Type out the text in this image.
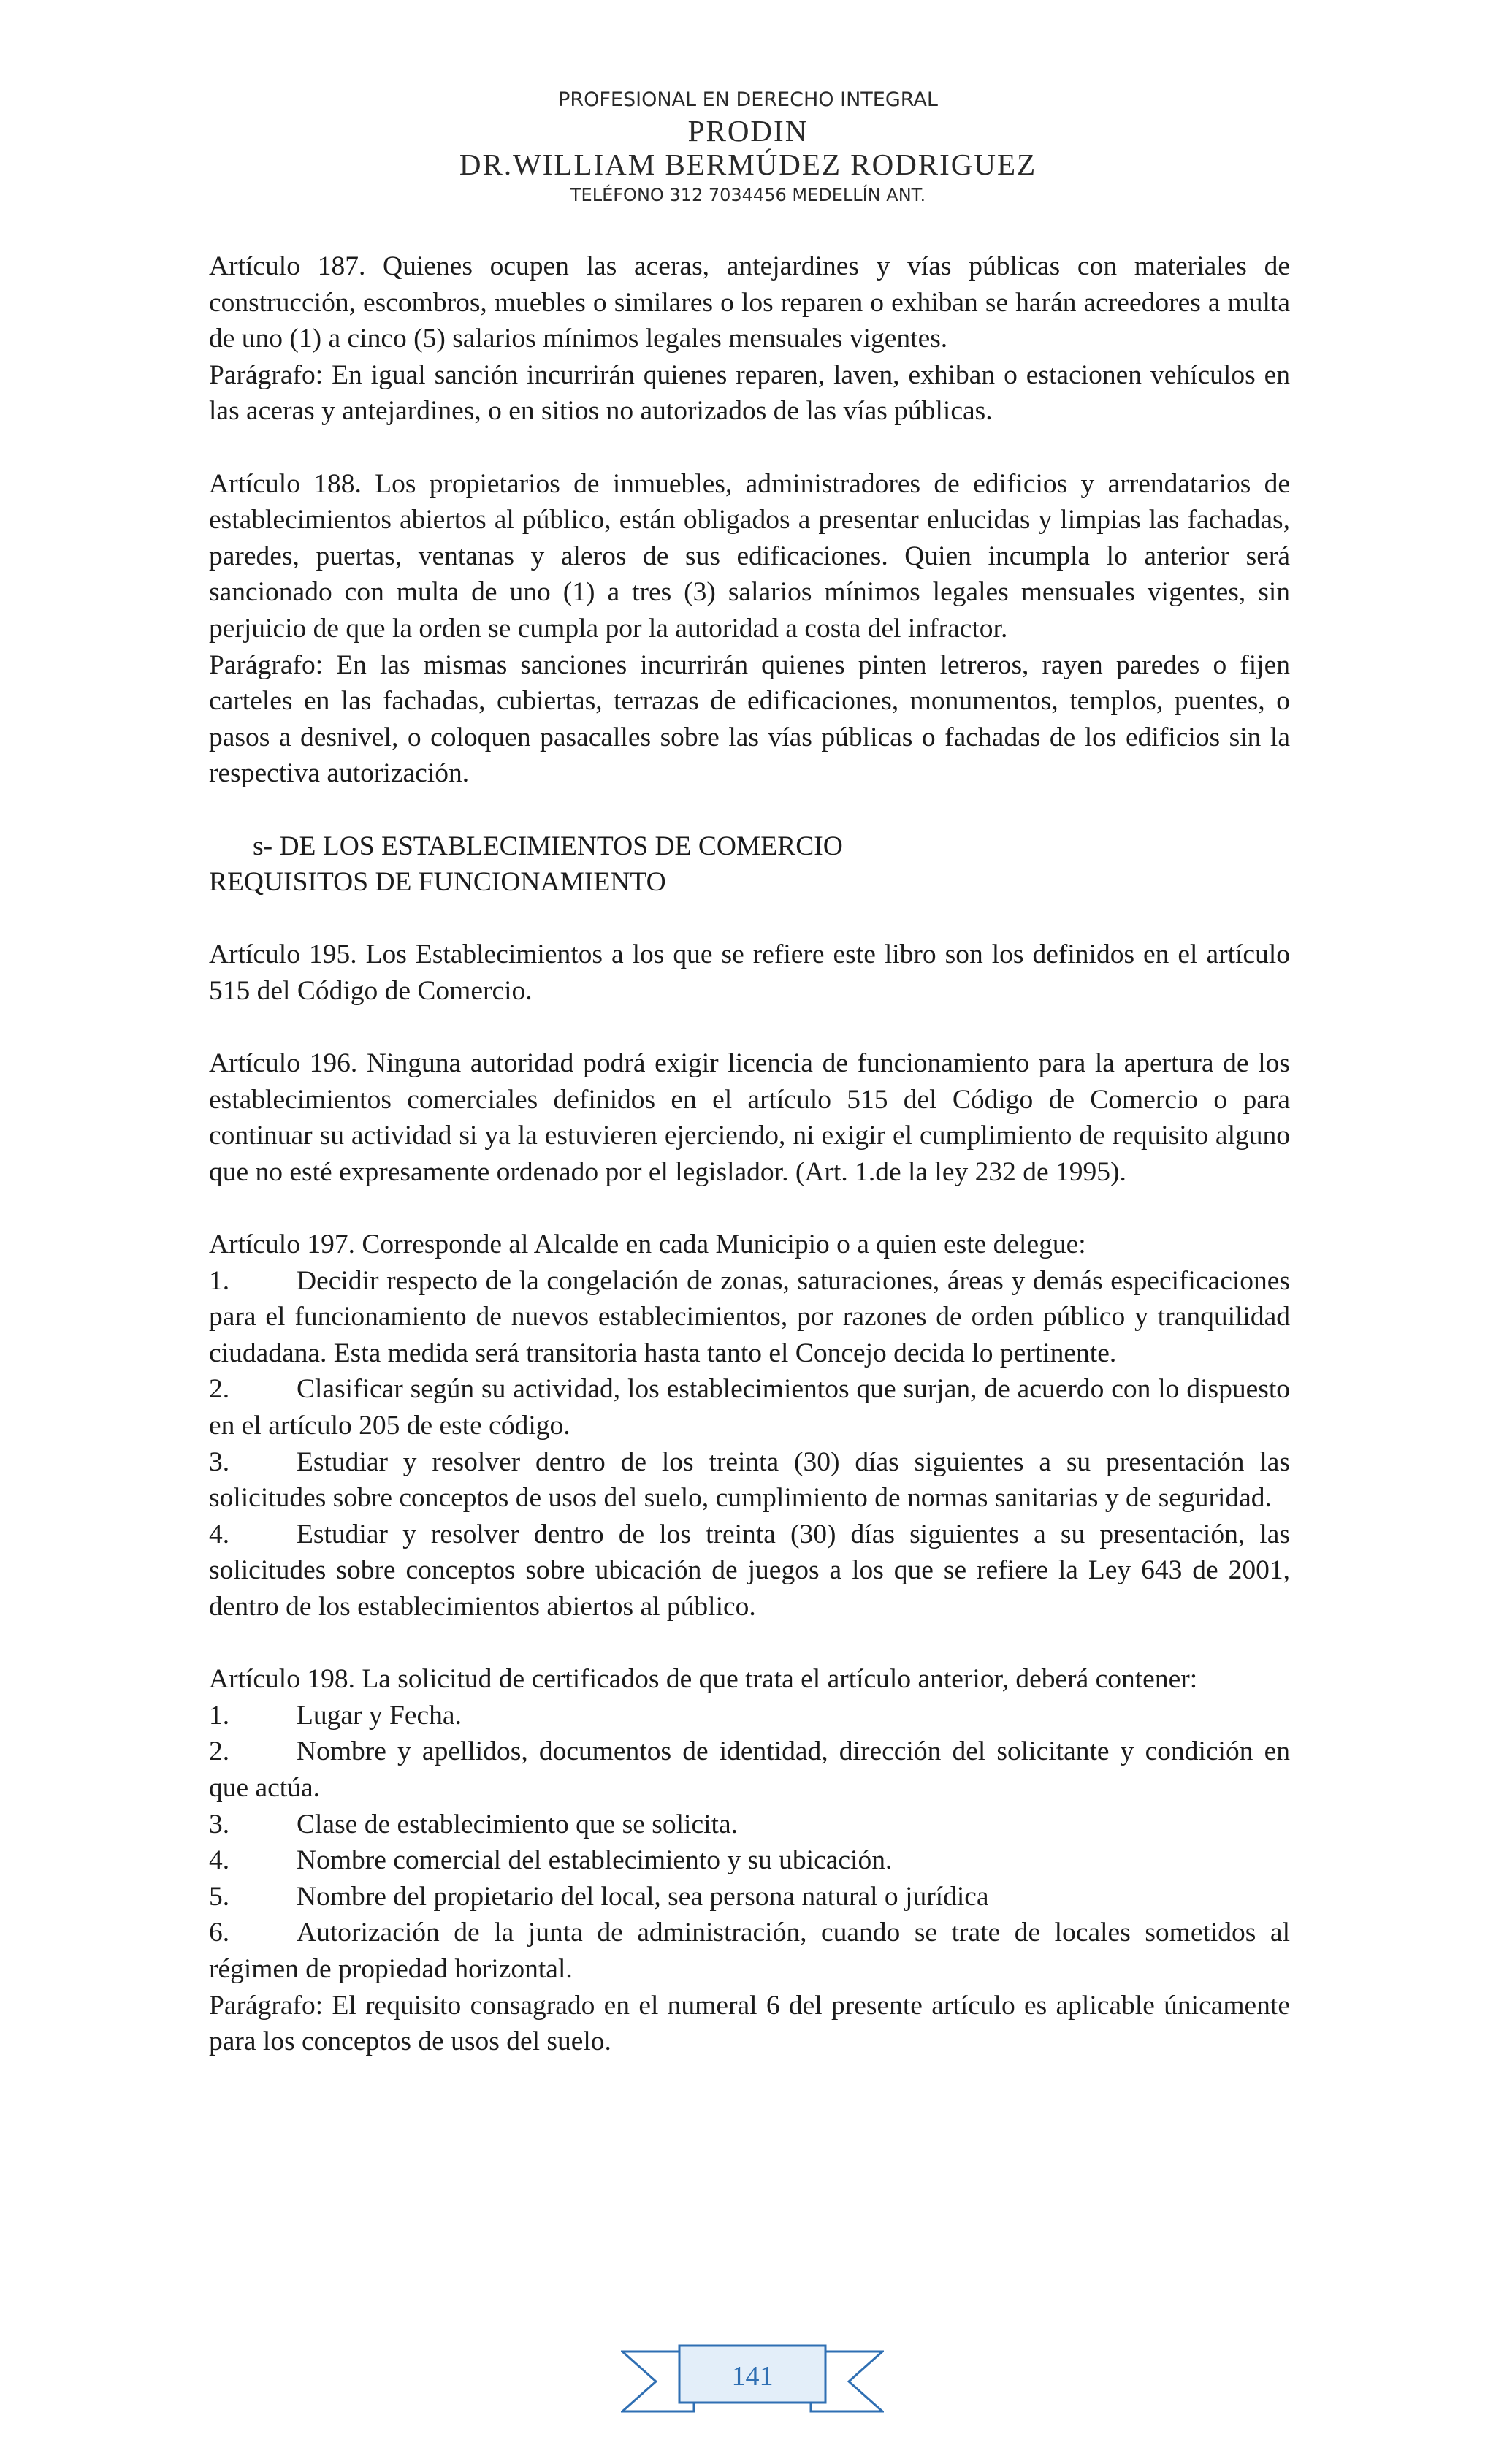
PROFESIONAL EN DERECHO INTEGRAL
PRODIN
DR.WILLIAM BERMÚDEZ RODRIGUEZ
TELÉFONO 312 7034456 MEDELLÍN ANT.

Artículo 187. Quienes ocupen las aceras, antejardines y vías públicas con materiales de construcción, escombros, muebles o similares o los reparen o exhiban se harán acreedores a multa de uno (1) a cinco (5) salarios mínimos legales mensuales vigentes.

Parágrafo: En igual sanción incurrirán quienes reparen, laven, exhiban o estacionen vehículos en las aceras y antejardines, o en sitios no autorizados de las vías públicas.

Artículo 188. Los propietarios de inmuebles, administradores de edificios y arrendatarios de establecimientos abiertos al público, están obligados a presentar enlucidas y limpias las fachadas, paredes, puertas, ventanas y aleros de sus edificaciones. Quien incumpla lo anterior será sancionado con multa de uno (1) a tres (3) salarios mínimos legales mensuales vigentes, sin perjuicio de que la orden se cumpla por la autoridad a costa del infractor.

Parágrafo: En las mismas sanciones incurrirán quienes pinten letreros, rayen paredes o fijen carteles en las fachadas, cubiertas, terrazas de edificaciones, monumentos, templos, puentes, o pasos a desnivel, o coloquen pasacalles sobre las vías públicas o fachadas de los edificios sin la respectiva autorización.

s- DE LOS ESTABLECIMIENTOS DE COMERCIO

REQUISITOS DE FUNCIONAMIENTO

Artículo 195. Los Establecimientos a los que se refiere este libro son los definidos en el artículo 515 del Código de Comercio.

Artículo 196. Ninguna autoridad podrá exigir licencia de funcionamiento para la apertura de los establecimientos comerciales definidos en el artículo 515 del Código de Comercio o para continuar su actividad si ya la estuvieren ejerciendo, ni exigir el cumplimiento de requisito alguno que no esté expresamente ordenado por el legislador. (Art. 1.de la ley 232 de 1995).

Artículo 197. Corresponde al Alcalde en cada Municipio o a quien este delegue:

1. Decidir respecto de la congelación de zonas, saturaciones, áreas y demás especificaciones para el funcionamiento de nuevos establecimientos, por razones de orden público y tranquilidad ciudadana. Esta medida será transitoria hasta tanto el Concejo decida lo pertinente.

2. Clasificar según su actividad, los establecimientos que surjan, de acuerdo con lo dispuesto en el artículo 205 de este código.

3. Estudiar y resolver dentro de los treinta (30) días siguientes a su presentación las solicitudes sobre conceptos de usos del suelo, cumplimiento de normas sanitarias y de seguridad.

4. Estudiar y resolver dentro de los treinta (30) días siguientes a su presentación, las solicitudes sobre conceptos sobre ubicación de juegos a los que se refiere la Ley 643 de 2001, dentro de los establecimientos abiertos al público.

Artículo 198. La solicitud de certificados de que trata el artículo anterior, deberá contener:

1. Lugar y Fecha.

2. Nombre y apellidos, documentos de identidad, dirección del solicitante y condición en que actúa.

3. Clase de establecimiento que se solicita.

4. Nombre comercial del establecimiento y su ubicación.

5. Nombre del propietario del local, sea persona natural o jurídica

6. Autorización de la junta de administración, cuando se trate de locales sometidos al régimen de propiedad horizontal.

Parágrafo: El requisito consagrado en el numeral 6 del presente artículo es aplicable únicamente para los conceptos de usos del suelo.

141
